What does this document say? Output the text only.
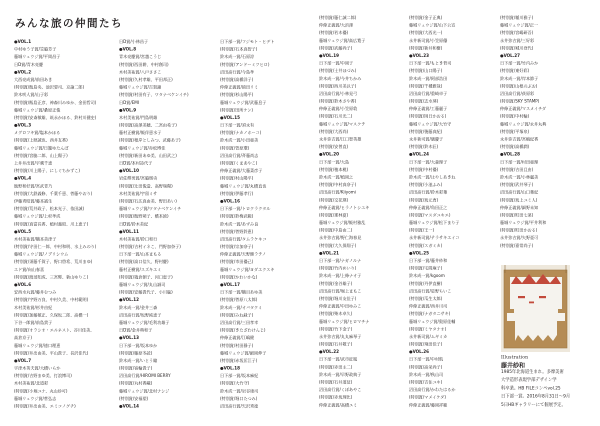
みんな旅の仲間たち
●VOL.1
中村ゆう子賞/笠脇芳子
藤城リュウジ賞/平岡昌子
日D賞/青木亮慶
●VOL.2
大西亮成賞/前田あき
(特別賞/飯島央、池沢要司、京論二郎)
鈴木咲人賞/山子彩
(特別賞/飯島正彦、神森川みゆか、金田哲司)
藤城リュウジ賞/桑原正俊
(特別賞/安斎敏雄、筑永かほる、鈴村川健史)
●VOL.3
メグロフキ賞/塩本かほる
(特別賞/上照誠也、西井友香)
藤城リュウジ賞/日籠ゆたんぽ
(特別賞/宮脇二郎、山上陽子)
上井井出賞/宇蔵千恵
(特別賞/川上陽子、にしぐちかずこ)
●VOL.4
飯野和好賞/宮武青乃
(特別賞/大鉄義修、千葉千恵、菅藤やおり)
伊藤秀昭賞/藤本誠生
(特別賞/荒井政子、松本光子、依田誠)
藤城リュウジ賞/上杉孝成
(特別賞/真富長香、植村義昭、川上恵子)
●VOL.5
木村美祐賞/鶴本美津子
(特別賞/守田仁一郎、中村和明、水上みのり)
藤城リュウジ賞/ノブリシウム
(特別賞/須藤千賀子、野口啓希、荒川まゆ)
エド賞/向山春喜
(特別賞/渡部知成、三宮輝、新山ゆりこ)
●VOL.6
安西水丸賞/藤井むつみ
(特別賞/宇野万良、中村久美、中村範明)
木村美祐賞/杉井由紀
(特別賞/加藤敏正、久保坂二郎、高橋一)
下谷一郎賞/前島貴子
(特別賞/オラシオ・エルネスト、谷川佳美、
高倉京子)
藤城リュウジ賞/徳口理恵
(特別賞/井出由美、平山貴子、長沢佳代)
●VOL.7
宇津木英夫賞/大橋いらか
(特別賞/吉野まゆ美、打浪博司)
木村美祐賞/北道彩
(特別賞/小堀ユナ、丸山紗可)
藤城リュウジ賞/菅弘志
(特別賞/井出由美、エミコノグチ)
日D賞/小林昌子
●VOL.8
青木亮慶賞/宮越こうじ
(特別賞/西田耕、中村創司)
木村美祐賞/八戸ささこ
(特別賞/久村孝雄、平田邦正)
藤城リュウジ賞/吉賀錦
(特別賞/村田有子、ワタナベケンイチ)
日D賞/EMI
●VOL.9
木村美祐賞/門島明雄
(特別賞/高澤美穂、二宮由希子)
藤村正樹賞/飯伴恵水子
(特別賞/根岸としみつ、武藤あ子)
藤城リュウジ賞/赤松博佳
(特別賞/新田あゆ美、山田武之)
日D賞/本村詩代子
●VOL.10
岩佐輝男賞/宮脇瑠央
(特別賞/辻田俊造、高野瑞陽)
木村美祐賞/宇留ミサ
(特別賞/石広真由美、野田あい)
藤城リュウジ賞/ワタナベケンイチ
(特別賞/飯野萌子、橋本綾)
日D賞/鈴木美紀
●VOL.11
木村美祐賞/鈴口和行
(特別賞/吉村イネこ、門野加奈子)
日下部一賞/山本まもる
(特別賞/高口信久、野村慶)
藤村正樹賞/スズキエミ
(特別賞/塩倉朝子、河口恵子)
藤城リュウジ賞/丸山誠司
(特別賞/安藤貴代子、小川聡)
●VOL.12
鈴木成一賞/金井三森
沼田高行賞/坂野純恵子
藤城リュウジ賞/毛利功雄子
日D賞/金井典和子
●VOL.13
日下部一賞/坂本ゆか
(特別賞/藤原冬読)
鈴木成一賞/いとう瞳
(特別賞/宿輪貴子)
沼田高行賞/HIROMI BERRY
(特別賞/丸村香織)
藤城リュウジ賞/北村ナシジ
(特別賞/安福望)
●VOL.14
日下部一賞/フジモト・ヒデト
(特別賞/石本真智子)
鈴木成一賞/石原涼
(特別賞/アンドーミツヒロ)
沼田高行賞/今島孝
(特別賞/高橋洋子)
仲條正義賞/猿田リミ
(特別賞/杉山陽平)
藤城リュウジ賞/武藤息子
(特別賞/田所ケン)
●VOL.15
日下部一賞/須永有
(特別賞/ナカノホーコ)
鈴木成一賞/小田亜美
(特別賞/菅原環)
沼田高行賞/斉藤尚志
(特別賞/くまあやこ)
仲條正義賞/大藤菜彦子
(特別賞/村山陽平)
藤城リュウジ賞/丸橋直也
(特別賞/伊藤孝行)
●VOL.16
日下部一賞/トロクラクタル
(特別賞/鈴梅武範)
鈴木成一賞/あずみ良
(特別賞/菅野鈴恵)
沼田高行賞/タムラケキコ
(特別賞/宗加奈子)
仲條正義賞/天野健ラテノ
(特別賞/市田優己)
藤城リュウジ賞/ヨダエクスキ
(特別賞/かわいかな)
●VOL.17
日下部一賞/鶴目あゆ美
(特別賞/菅原八太郎)
鈴木成一賞/オバタクミ
(特別賞/みね緑子)
沼田高行賞/三田孝幸
(特別賞/きたざわけんじ)
仲條正義賞/江嶋健
(特別賞/村田静子)
藤城リュウジ賞/細岡伸子
(特別賞/赤坂匡江子)
●VOL.18
日下部一賞/坂本麻紀
(特別賞/大竹守)
鈴木成一賞/岩谷康司
(特別賞/堀口たつみ)
沼田高行賞/矢沢秀徳
(特別賞/藤仁誠二郎)
仲條正義賞/大浜澤
(特別賞/若木優)
藤城リュウジ賞/高広寛子
(特別賞/武藤尚子)
●VOL.19
日下部一賞/中岡子
(特別賞/土井ほづみ)
鈴木成一賞/今井ちかみ
(特別賞/西川美以子)
沼田高行賞/小林見弓
(特別賞/鈴木さや香)
仲條正義賞/小笠原敦
(特別賞/石川光二)
藤城リュウジ賞/マスクテ
(特別賞/大西尚)
永井弥吉賞/江口智英雄
(特別賞/安曽直)
●VOL.20
日下部一賞/大島
(特別賞/植本桃)
鈴木成一賞/植岡之
(特別賞/中村真奈子)
沼田高行賞/Kiiyomi
(特別賞/交花瑛)
仲條正義賞/ヒラノトシユキ
(特別賞/那林夏)
藤城リュウジ賞/飯村雅乱
(特別賞/中島由二)
永井弥吉賞/野仁海春見
(特別賞/大久保翔子)
●VOL.21
日下部一賞/ナガノルナ
(特別賞/竹内めいり)
鈴木成一賞/上條ナオ子
(特別賞/金谷雄子)
沼田高行賞/堀上まもこ
(特別賞/堀川友佳子)
仲條正義賞/中田ゆみこ
(特別賞/柴木卓久)
藤城リュウジ賞/ヒロマチナ
(特別賞/竹下金子)
永井弥吉賞/丸丸麻琴子
(特別賞/石井敬子)
●VOL.22
日下部一賞/武市征胤
(特別賞/赤田主二)
鈴木成一賞/早野政典子
(特別賞/石井道征)
沼田高行賞/くぼあやこ
(特別賞/赤坂理比)
仲條正義賞/高橋ユミ
(特別賞/金子正典)
藤城リュウジ賞/山下公宣
(特別賞/大西光一)
永井新司賞/小笠原優
(特別賞/新井和樹)
●VOL.23
日下部一賞/もとき哲司
(特別賞/山口陽子)
鈴木成一賞/阿部浩田
(特別賞/千種雅哉)
沼田高行賞/重崎卓子
(特別賞/志水葵)
仲條正義賞/工藤麗子
(特別賞/岡日かおる)
藤城リュウジ賞/大竹守
(特別賞/後藤真紀)
永井新司賞/儀慶子
(特別賞/鈴木匠)
●VOL.24
日下部一賞/大森理子
(特別賞/中村優)
鈴木成一賞/はやしあきね
(特別賞/小池ふみ)
沼田高行賞/鈴木彩葉
(特別賞/坂元育)
仲條正義賞/角田正之
(特別賞/マスダユキエ)
藤城リュウジ賞/松下まり子
(特別賞/王一)
永井新司賞/テラサキエイコ
(特別賞/スガミカ)
●VOL.25
日下部一賞/藤井紗和
(特別賞/宅間麻子)
鈴木成一賞/kgoom
(特別賞/丹伊直樹)
沼田高行賞/星野ちいこ
(特別賞/瓜生太郎)
仲條正義賞/西井川司
(特別賞/ナガタニサキ)
藤城リュウジ賞/奥原佳輔
(特別賞/ミヤタナオ)
永井新司賞/ムギミカ
(特別賞/飛田佳子)
●VOL.26
日下部一賞/中村航
(特別賞/高栄尚子)
鈴木成一賞/秋山司
(特別賞/吉住ユキ)
沼田高行賞/かわたはるか
(特別賞/マメイケダ)
仲條正義賞/藤岡祥範
(特別賞/稲川雅子)
藤城リュウジ賞/正一
(特別賞/宮嶋研吾)
永井弥吉賞/三好彩
(特別賞/城川登代)
●VOL.27
日下部一賞/竹内みか
(特別賞/東好彩)
鈴木成一賞/岸本節子
(特別賞/山根のぶお)
沼田高行賞/荻原彩
(特別賞/SKY STAMP)
仲條正義賞/マスメイチダ
(特別賞/中村輪)
藤城リュウジ賞/永井丸典
(特別賞/平塚泉)
永井弥吉賞/宮嶋紀香
(特別賞/高橋潤)
●VOL.28
日下部一賞/村田亜理
(特別賞/吉田且由)
鈴木成一賞/小林麗美
(特別賞/武井琴子)
沼田高行賞/山口葉紀
(特別賞/坂上ユミ人)
仲條正義賞/細野未知
(特別賞/町田七菜)
藤城リュウジ賞/平井利和
(特別賞/町田かおる)
永井弥吉賞/矢野亜可
(特別賞/嘉常尚子)
Illustration
藤井紗和
1985年北海道生まれ。多摩美術
大学造形表現学部デザイン学
科卒業。HB FILEコンペvol.25
日下部一賞。2016年8月31日〜9月
5日HBギャラリーにて個展予定。
